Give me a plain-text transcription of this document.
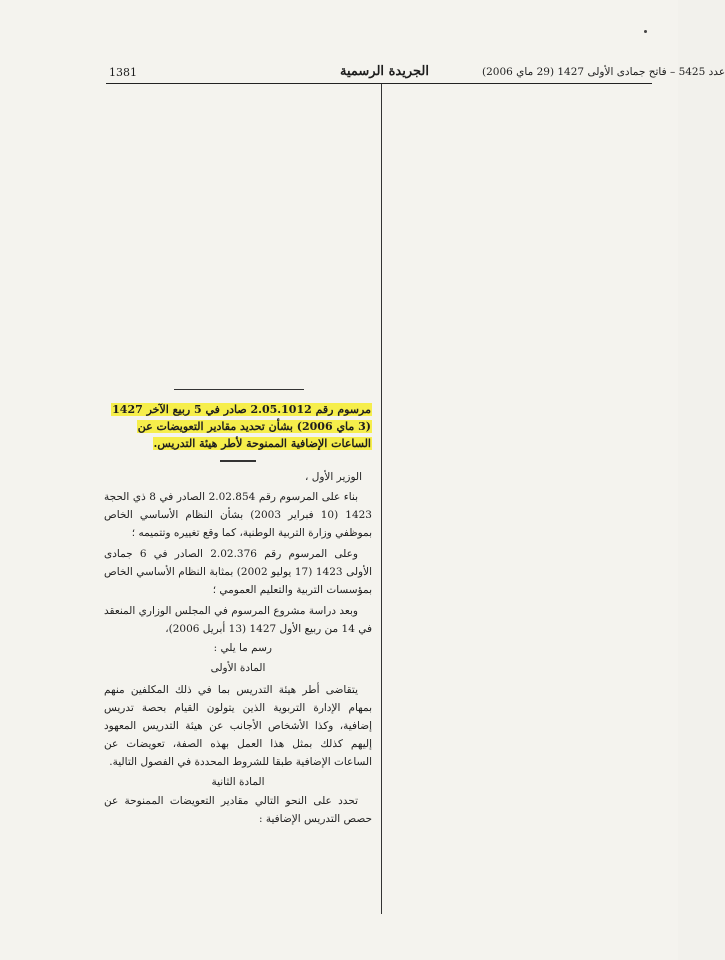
1381	الجريدة الرسمية	عدد 5425 – فاتح جمادى الأولى 1427 (29 ماي 2006)
مرسوم رقم 2.05.1012 صادر في 5 ربيع الآخر 1427 (3 ماي 2006) بشأن تحديد مقادير التعويضات عن الساعات الإضافية الممنوحة لأطر هيئة التدريس.

الوزير الأول ،

بناء على المرسوم رقم 2.02.854 الصادر في 8 ذي الحجة 1423 (10 فبراير 2003) بشأن النظام الأساسي الخاص بموظفي وزارة التربية الوطنية، كما وقع تغييره وتتميمه ؛

وعلى المرسوم رقم 2.02.376 الصادر في 6 جمادى الأولى 1423 (17 يوليو 2002) بمثابة النظام الأساسي الخاص بمؤسسات التربية والتعليم العمومي ؛

وبعد دراسة مشروع المرسوم في المجلس الوزاري المنعقد في 14 من ربيع الأول 1427 (13 أبريل 2006)،

رسم ما يلي :

المادة الأولى

يتقاضى أطر هيئة التدريس بما في ذلك المكلفين منهم بمهام الإدارة التربوية الذين يتولون القيام بحصة تدريس إضافية، وكذا الأشخاص الأجانب عن هيئة التدريس المعهود إليهم كذلك بمثل هذا العمل بهذه الصفة، تعويضات عن الساعات الإضافية طبقا للشروط المحددة في الفصول التالية.

المادة الثانية

تحدد على النحو التالي مقادير التعويضات الممنوحة عن حصص التدريس الإضافية :
